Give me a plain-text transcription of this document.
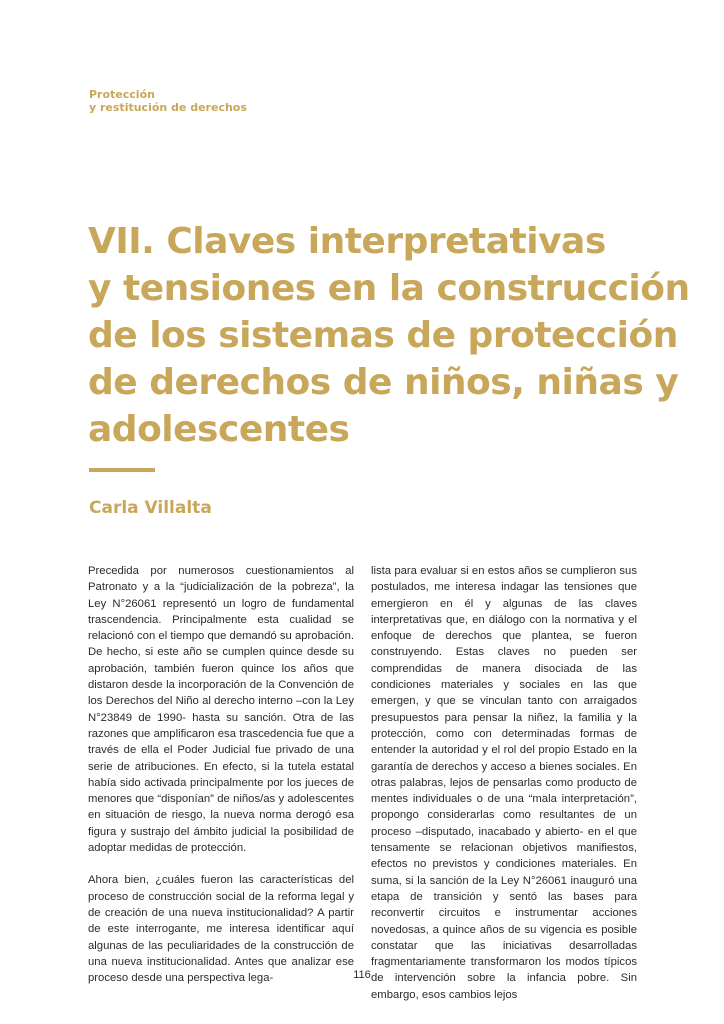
Protección
y restitución de derechos
VII. Claves interpretativas
y tensiones en la construcción
de los sistemas de protección
de derechos de niños, niñas y
adolescentes
Carla Villalta

Precedida por numerosos cuestionamientos al Patronato y a la “judicialización de la pobreza”, la Ley N°26061 representó un logro de fundamental trascendencia. Principalmente esta cualidad se relacionó con el tiempo que demandó su aprobación. De hecho, si este año se cumplen quince desde su aprobación, también fueron quince los años que distaron desde la incorporación de la Convención de los Derechos del Niño al derecho interno –con la Ley N°23849 de 1990- hasta su sanción. Otra de las razones que amplificaron esa trascedencia fue que a través de ella el Poder Judicial fue privado de una serie de atribuciones. En efecto, si la tutela estatal había sido activada principalmente por los jueces de menores que “disponían” de niños/as y adolescentes en situación de riesgo, la nueva norma derogó esa figura y sustrajo del ámbito judicial la posibilidad de adoptar medidas de protección.

Ahora bien, ¿cuáles fueron las características del proceso de construcción social de la reforma legal y de creación de una nueva institucionalidad? A partir de este interrogante, me interesa identificar aquí algunas de las peculiaridades de la construcción de una nueva institucionalidad. Antes que analizar ese proceso desde una perspectiva lega-

lista para evaluar si en estos años se cumplieron sus postulados, me interesa indagar las tensiones que emergieron en él y algunas de las claves interpretativas que, en diálogo con la normativa y el enfoque de derechos que plantea, se fueron construyendo. Estas claves no pueden ser comprendidas de manera disociada de las condiciones materiales y sociales en las que emergen, y que se vinculan tanto con arraigados presupuestos para pensar la niñez, la familia y la protección, como con determinadas formas de entender la autoridad y el rol del propio Estado en la garantía de derechos y acceso a bienes sociales. En otras palabras, lejos de pensarlas como producto de mentes individuales o de una “mala interpretación”, propongo considerarlas como resultantes de un proceso –disputado, inacabado y abierto- en el que tensamente se relacionan objetivos manifiestos, efectos no previstos y condiciones materiales. En suma, si la sanción de la Ley N°26061 inauguró una etapa de transición y sentó las bases para reconvertir circuitos e instrumentar acciones novedosas, a quince años de su vigencia es posible constatar que las iniciativas desarrolladas fragmentariamente transformaron los modos típicos de intervención sobre la infancia pobre. Sin embargo, esos cambios lejos

116
